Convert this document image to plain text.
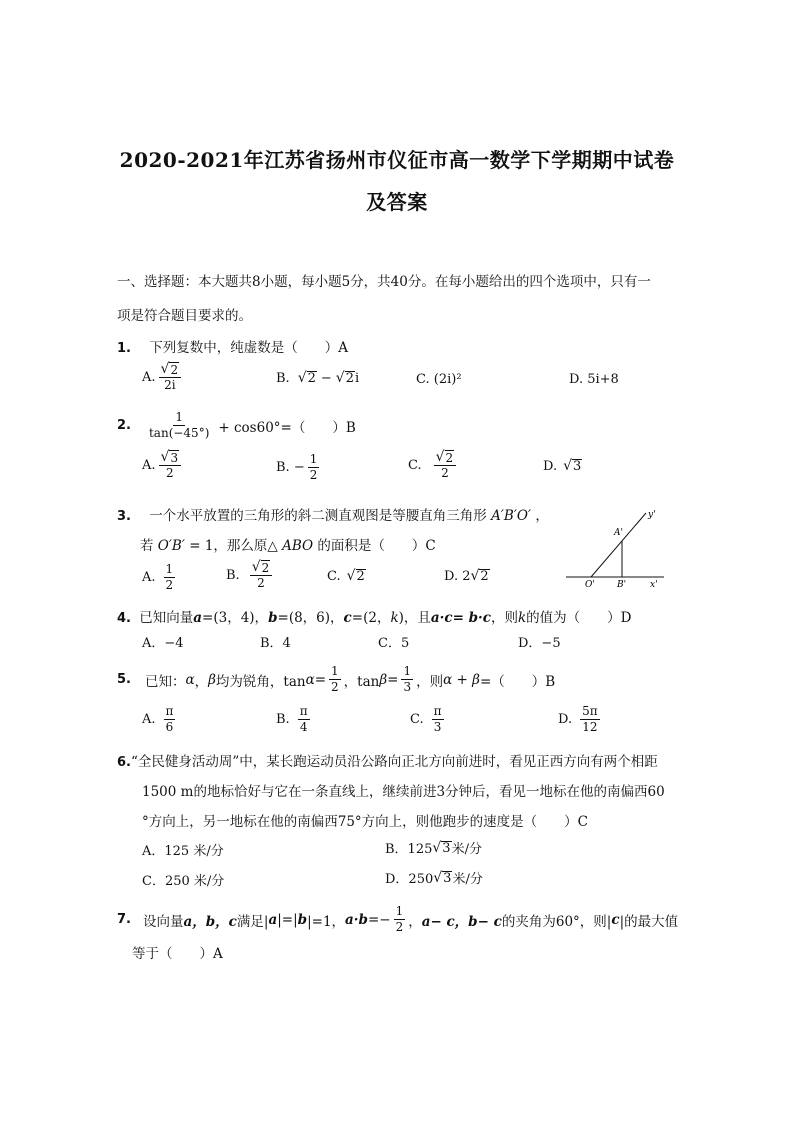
2020-2021年江苏省扬州市仪征市高一数学下学期期中试卷
及答案
一、选择题：本大题共8小题，每小题5分，共40分。在每小题给出的四个选项中，只有一
项是符合题目要求的。
1. 下列复数中，纯虚数是（　　）A
A. $\frac{√ 2}{2i}$	B. √ 2 − √ 2 i	C. (2i)²	D. 5i+8
2. $\frac{1}{\tan(-45^\circ)} + \cos 60^\circ=$（　　）B
A. $\frac{√ 3}{2}$	B. − $\frac{1}{2}$	C. $\frac{√ 2}{2}$	D. √ 3
3. 一个水平放置的三角形的斜二测直观图是等腰直角三角形 A′B′O′ ，
若 O′B′ = 1，那么原△ ABO 的面积是（　　）C
A. $\frac{1}{2}$	B. $\frac{√ 2}{2}$	C. √ 2	D. 2 √ 2
y'
A'
O' B'	x'
4. 已知向量a=(3，4)，b=(8，6)，c=(2，k)，且a·c= b·c，则k的值为（　　）D
A．−4	B．4	C．5	D．−5
5. 已知： α ， β 均为锐角，$\tan \alpha = \frac{1}{2}$ ，$\tan \beta = \frac{1}{3}$ ，则 α + β =（　　）B
A. $\frac{\pi}{6}$	B. $\frac{\pi}{4}$	C. $\frac{\pi}{3}$	D. $\frac{5\pi}{12}$
6.“全民健身活动周”中，某长跑运动员沿公路向正北方向前进时，看见正西方向有两个相距
1500 m的地标恰好与它在一条直线上，继续前进3分钟后，看见一地标在他的南偏西60
°方向上，另一地标在他的南偏西75°方向上，则他跑步的速度是（　　）C
A．125 米/分	B．125 √ 3 米/分
C．250 米/分	D．250 √ 3 米/分
7. 设向量 a，b，c 满足| a |=| b |=1， $a\cdot b =- \frac{1}{2}$ ， a− c，b− c 的夹角为60°，则| c |的最大值
等于（　　）A
